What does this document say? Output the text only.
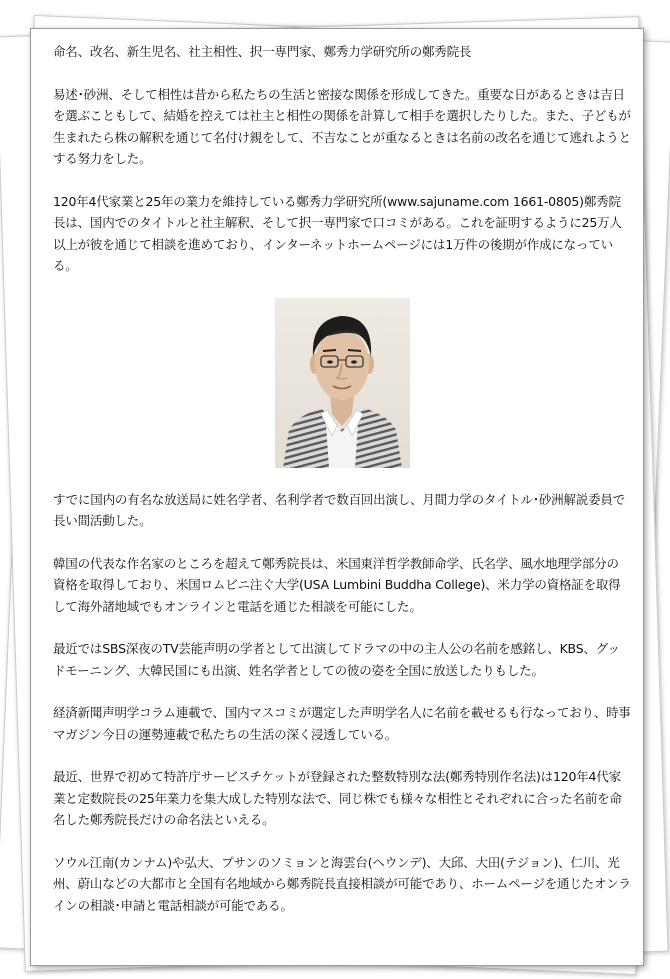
命名、改名、新生児名、社主相性、択一専門家、鄭秀力学研究所の鄭秀院長

易述･砂洲、そして相性は昔から私たちの生活と密接な関係を形成してきた。重要な日があるときは吉日を選ぶこともして、結婚を控えては社主と相性の関係を計算して相手を選択したりした。また、子どもが生まれたら株の解釈を通じて名付け親をして、不吉なことが重なるときは名前の改名を通じて逃れようとする努力をした。

120年4代家業と25年の業力を維持している鄭秀力学研究所(www.sajuname.com 1661-0805)鄭秀院長は、国内でのタイトルと社主解釈、そして択一専門家で口コミがある。これを証明するように25万人以上が彼を通じて相談を進めており、インターネットホームページには1万件の後期が作成になっている。

すでに国内の有名な放送局に姓名学者、名利学者で数百回出演し、月間力学のタイトル･砂洲解説委員で長い間活動した。

韓国の代表な作名家のところを超えて鄭秀院長は、米国東洋哲学教師命学、氏名学、風水地理学部分の資格を取得しており、米国ロムビニ注ぐ大学(USA Lumbini Buddha College)、米力学の資格証を取得して海外諸地域でもオンラインと電話を通じた相談を可能にした。

最近ではSBS深夜のTV芸能声明の学者として出演してドラマの中の主人公の名前を感銘し、KBS、グッドモーニング、大韓民国にも出演、姓名学者としての彼の姿を全国に放送したりもした。

経済新聞声明学コラム連載で、国内マスコミが選定した声明学名人に名前を載せるも行なっており、時事マガジン今日の運勢連載で私たちの生活の深く浸透している。

最近、世界で初めて特許庁サービスチケットが登録された整数特別な法(鄭秀特別作名法)は120年4代家業と定数院長の25年業力を集大成した特別な法で、同じ株でも様々な相性とそれぞれに合った名前を命名した鄭秀院長だけの命名法といえる。

ソウル江南(カンナム)や弘大、プサンのソミョンと海雲台(ヘウンデ)、大邱、大田(テジョン)、仁川、光州、蔚山などの大都市と全国有名地域から鄭秀院長直接相談が可能であり、ホームページを通じたオンラインの相談･申請と電話相談が可能である。
